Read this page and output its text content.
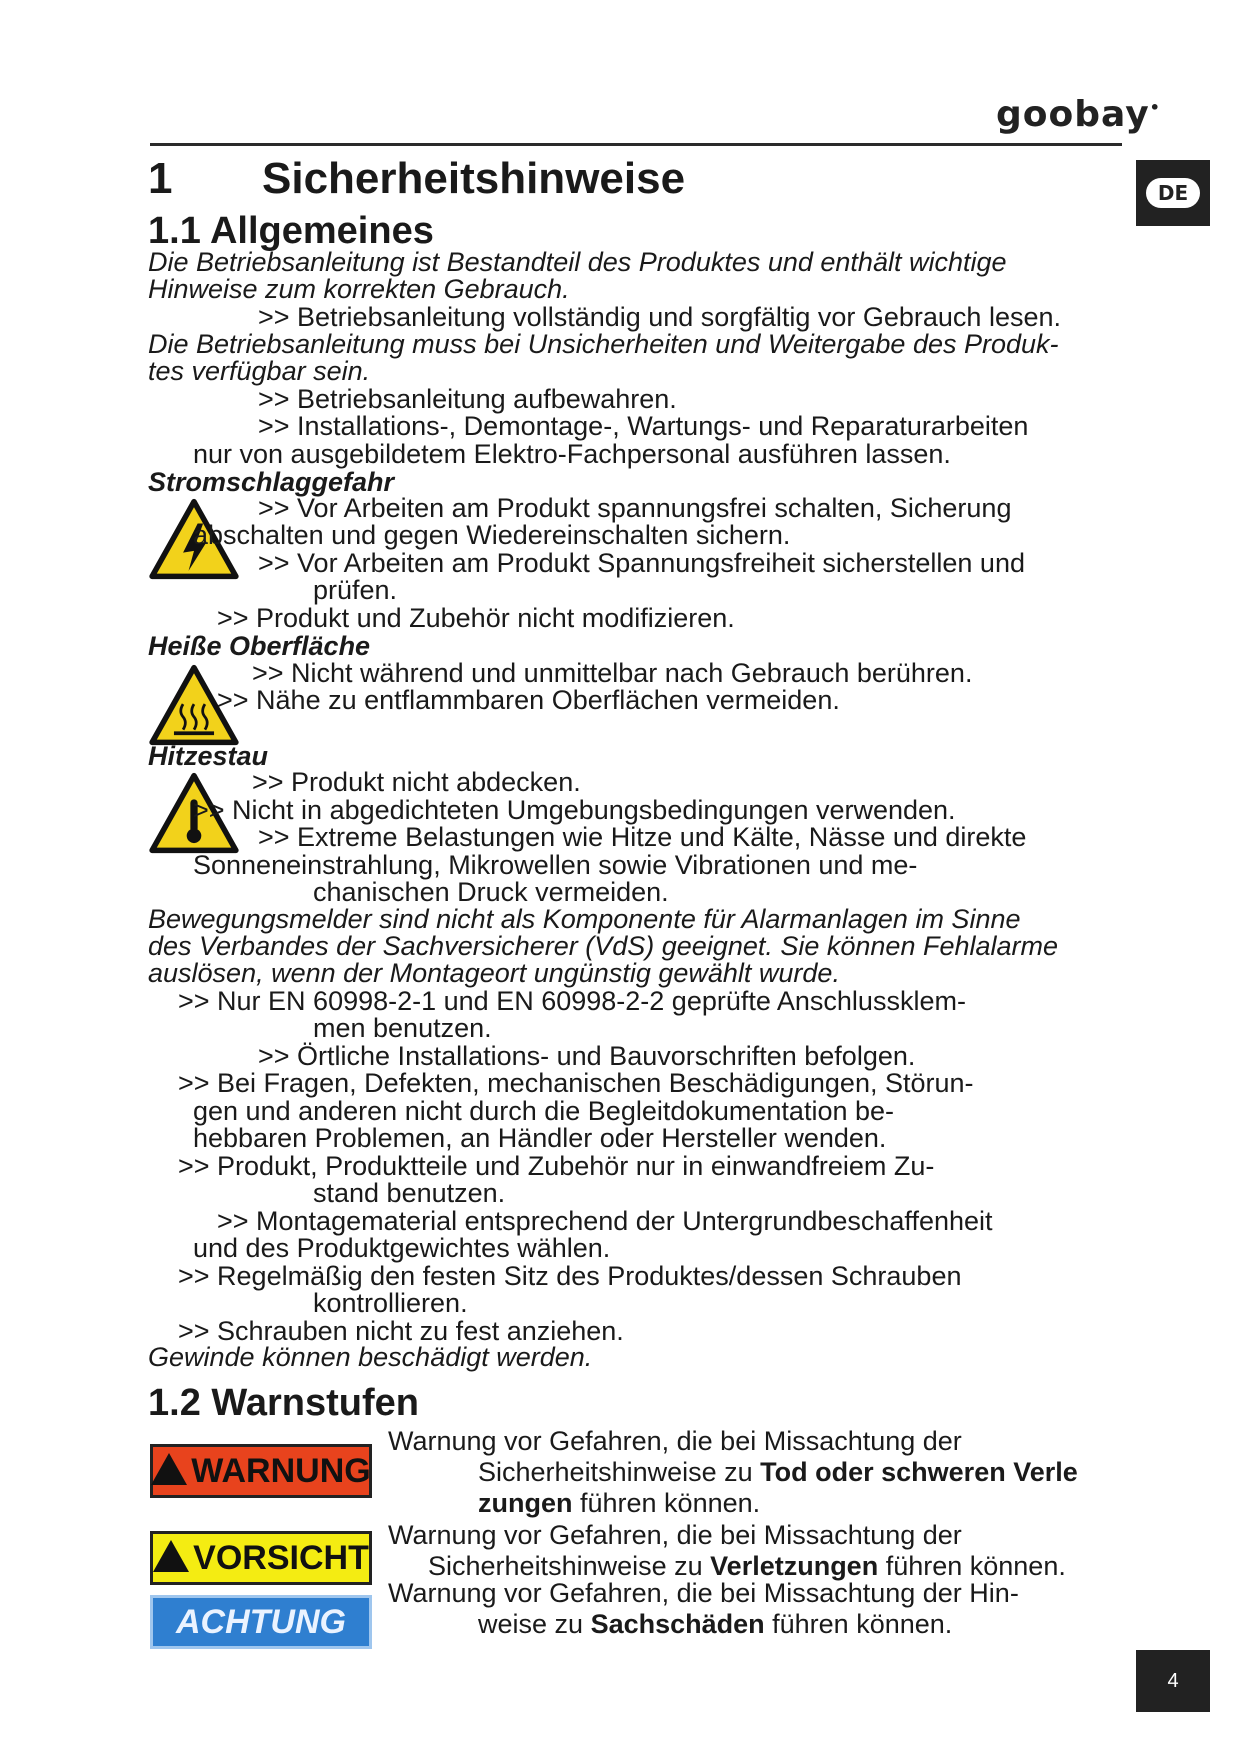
goobay•
DE
1 Sicherheitshinweise
1.1 Allgemeines
Die Betriebsanleitung ist Bestandteil des Produktes und enthält wichtige
Hinweise zum korrekten Gebrauch.
>> Betriebsanleitung vollständig und sorgfältig vor Gebrauch lesen.
Die Betriebsanleitung muss bei Unsicherheiten und Weitergabe des Produk-
tes verfügbar sein.
>> Betriebsanleitung aufbewahren.
>> Installations-, Demontage-, Wartungs- und Reparaturarbeiten
nur von ausgebildetem Elektro-Fachpersonal ausführen lassen.
Stromschlaggefahr
>> Vor Arbeiten am Produkt spannungsfrei schalten, Sicherung
abschalten und gegen Wiedereinschalten sichern.
>> Vor Arbeiten am Produkt Spannungsfreiheit sicherstellen und
prüfen.
>> Produkt und Zubehör nicht modifizieren.
Heiße Oberfläche
>> Nicht während und unmittelbar nach Gebrauch berühren.
>> Nähe zu entflammbaren Oberflächen vermeiden.
Hitzestau
>> Produkt nicht abdecken.
>> Nicht in abgedichteten Umgebungsbedingungen verwenden.
>> Extreme Belastungen wie Hitze und Kälte, Nässe und direkte
Sonneneinstrahlung, Mikrowellen sowie Vibrationen und me-
chanischen Druck vermeiden.
Bewegungsmelder sind nicht als Komponente für Alarmanlagen im Sinne
des Verbandes der Sachversicherer (VdS) geeignet. Sie können Fehlalarme
auslösen, wenn der Montageort ungünstig gewählt wurde.
>> Nur EN 60998-2-1 und EN 60998-2-2 geprüfte Anschlussklem-
men benutzen.
>> Örtliche Installations- und Bauvorschriften befolgen.
>> Bei Fragen, Defekten, mechanischen Beschädigungen, Störun-
gen und anderen nicht durch die Begleitdokumentation be-
hebbaren Problemen, an Händler oder Hersteller wenden.
>> Produkt, Produktteile und Zubehör nur in einwandfreiem Zu-
stand benutzen.
>> Montagematerial entsprechend der Untergrundbeschaffenheit
und des Produktgewichtes wählen.
>> Regelmäßig den festen Sitz des Produktes/dessen Schrauben
kontrollieren.
>> Schrauben nicht zu fest anziehen.
Gewinde können beschädigt werden.
1.2 Warnstufen
WARNUNG
Warnung vor Gefahren, die bei Missachtung der
Sicherheitshinweise zu Tod oder schweren Verle
zungen führen können.
VORSICHT
Warnung vor Gefahren, die bei Missachtung der
Sicherheitshinweise zu Verletzungen führen können.
ACHTUNG
Warnung vor Gefahren, die bei Missachtung der Hin-
weise zu Sachschäden führen können.
4
